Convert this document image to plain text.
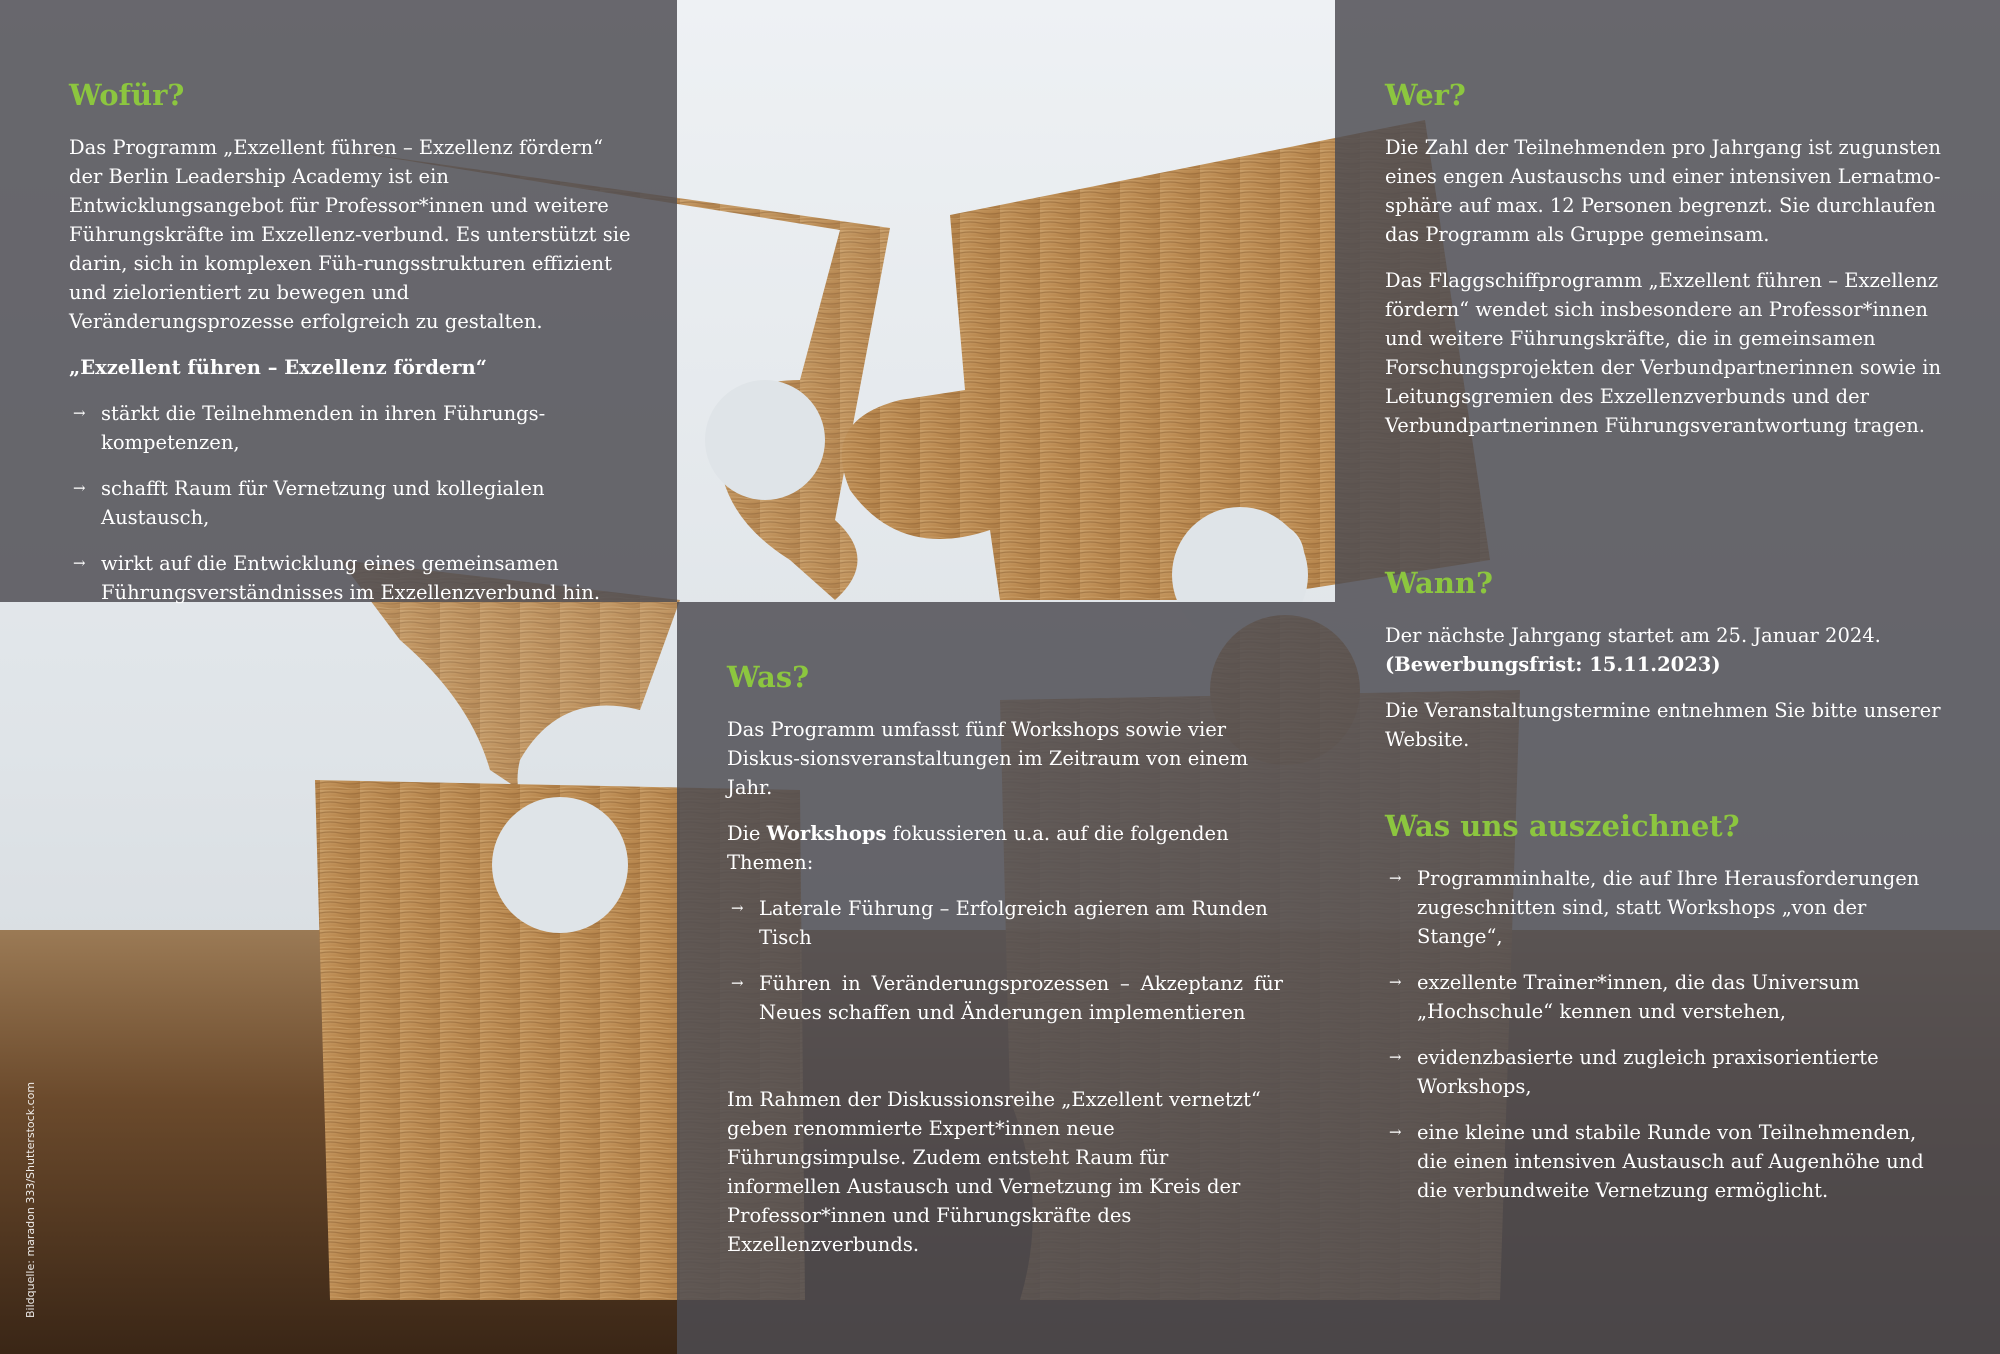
Wofür?

Das Programm „Exzellent führen – Exzellenz fördern“ der Berlin Leadership Academy ist ein Entwicklungsangebot für Professor*innen und weitere Führungskräfte im Exzellenz-verbund. Es unterstützt sie darin, sich in komplexen Füh-rungsstrukturen effizient und zielorientiert zu bewegen und Veränderungsprozesse erfolgreich zu gestalten.

„Exzellent führen – Exzellenz fördern“

→ stärkt die Teilnehmenden in ihren Führungs-kompetenzen,
→ schafft Raum für Vernetzung und kollegialen Austausch,
→ wirkt auf die Entwicklung eines gemeinsamen Führungsverständnisses im Exzellenzverbund hin.
Wer?

Die Zahl der Teilnehmenden pro Jahrgang ist zugunsten eines engen Austauschs und einer intensiven Lernatmo-sphäre auf max. 12 Personen begrenzt. Sie durchlaufen das Programm als Gruppe gemeinsam.

Das Flaggschiffprogramm „Exzellent führen – Exzellenz fördern“ wendet sich insbesondere an Professor*innen und weitere Führungskräfte, die in gemeinsamen Forschungsprojekten der Verbundpartnerinnen sowie in Leitungsgremien des Exzellenzverbunds und der Verbundpartnerinnen Führungsverantwortung tragen.

Wann?

Der nächste Jahrgang startet am 25. Januar 2024.
(Bewerbungsfrist: 15.11.2023)

Die Veranstaltungstermine entnehmen Sie bitte unserer Website.

Was uns auszeichnet?
→ Programminhalte, die auf Ihre Herausforderungen zugeschnitten sind, statt Workshops „von der Stange“,
→ exzellente Trainer*innen, die das Universum „Hochschule“ kennen und verstehen,
→ evidenzbasierte und zugleich praxisorientierte Workshops,
→ eine kleine und stabile Runde von Teilnehmenden, die einen intensiven Austausch auf Augenhöhe und die verbundweite Vernetzung ermöglicht.
Was?

Das Programm umfasst fünf Workshops sowie vier Diskus-sionsveranstaltungen im Zeitraum von einem Jahr.

Die Workshops fokussieren u.a. auf die folgenden Themen:

→ Laterale Führung – Erfolgreich agieren am Runden Tisch
→ Führen in Veränderungsprozessen – Akzeptanz für Neues schaffen und Änderungen implementieren

Im Rahmen der Diskussionsreihe „Exzellent vernetzt“ geben renommierte Expert*innen neue Führungsimpulse. Zudem entsteht Raum für informellen Austausch und Vernetzung im Kreis der Professor*innen und Führungskräfte des Exzellenzverbunds.

Bildquelle: maradon 333/Shutterstock.com
